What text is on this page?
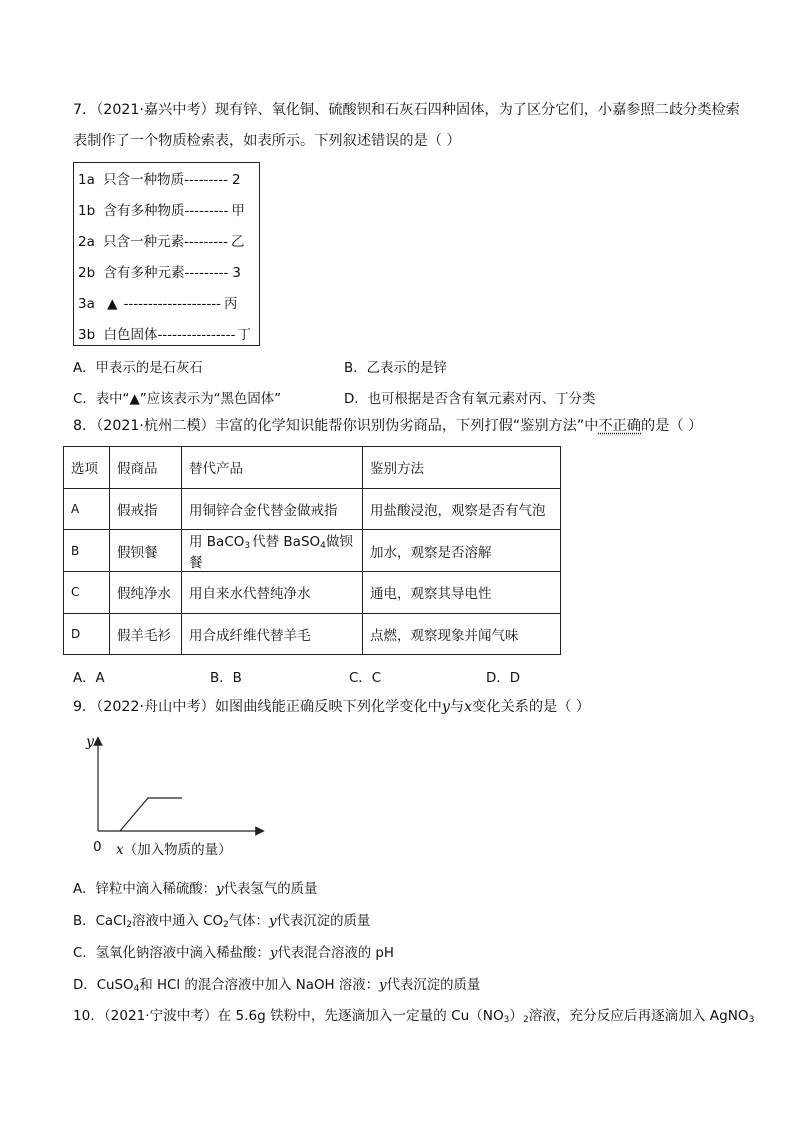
7．（2021·嘉兴中考）现有锌、氧化铜、硫酸钡和石灰石四种固体，为了区分它们，小嘉参照二歧分类检索
表制作了一个物质检索表，如表所示。下列叙述错误的是（ ）
1a 只含一种物质--------- 2
1b 含有多种物质--------- 甲
2a 只含一种元素--------- 乙
2b 含有多种元素--------- 3
3a ▲ -------------------- 丙
3b 白色固体---------------- 丁
A．甲表示的是石灰石	B．乙表示的是锌
C．表中“▲”应该表示为“黑色固体”	D．也可根据是否含有氧元素对丙、丁分类
8．（2021·杭州二模）丰富的化学知识能帮你识别伪劣商品，下列打假“鉴别方法”中不正确的是（ ）
选项	假商品	替代产品	鉴别方法
A	假戒指	用铜锌合金代替金做戒指	用盐酸浸泡，观察是否有气泡
B	假钡餐	用 BaCO$_3$ 代替 BaSO$_4$做钡餐	加水，观察是否溶解
C	假纯净水	用自来水代替纯净水	通电，观察其导电性
D	假羊毛衫	用合成纤维代替羊毛	点燃，观察现象并闻气味
A．A	B．B	C．C	D．D
9．（2022·舟山中考）如图曲线能正确反映下列化学变化中y与x变化关系的是（ ）
y
0 x（加入物质的量）
A．锌粒中滴入稀硫酸：y代表氢气的质量
B．CaCl$_2$溶液中通入 $CO_2$气体：y代表沉淀的质量
C．氢氧化钠溶液中滴入稀盐酸：y代表混合溶液的 pH
D．CuSO$_4$和 HCl 的混合溶液中加入 NaOH 溶液：y代表沉淀的质量
10．（2021·宁波中考）在 5.6g 铁粉中，先逐滴加入一定量的 $Cu(NO_3)_2$溶液，充分反应后再逐滴加入 AgNO$_3$
